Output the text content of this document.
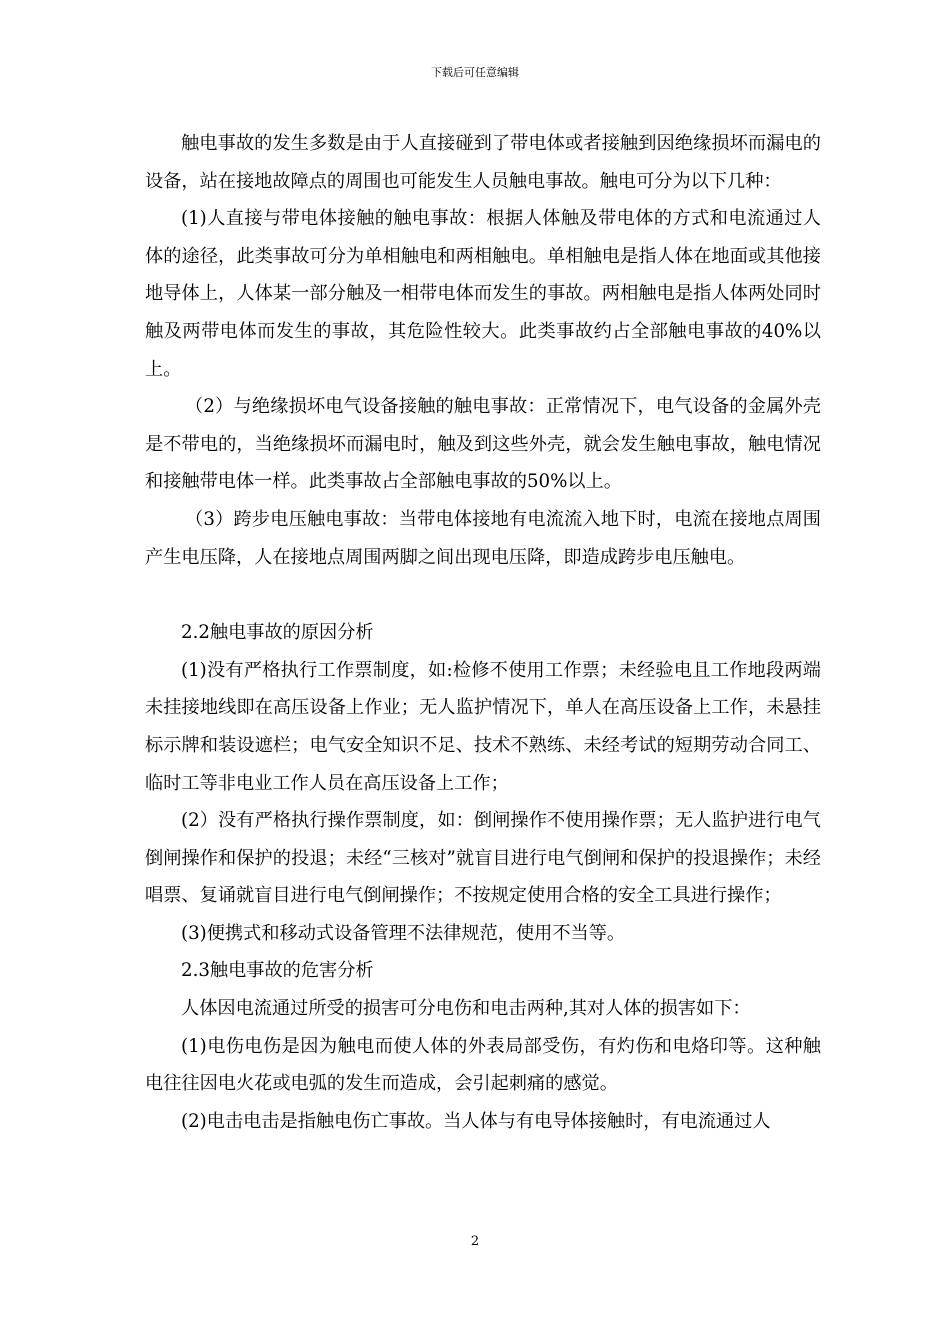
下载后可任意编辑

触电事故的发生多数是由于人直接碰到了带电体或者接触到因绝缘损坏而漏电的设备，站在接地故障点的周围也可能发生人员触电事故。触电可分为以下几种：

(1)人直接与带电体接触的触电事故：根据人体触及带电体的方式和电流通过人体的途径，此类事故可分为单相触电和两相触电。单相触电是指人体在地面或其他接地导体上，人体某一部分触及一相带电体而发生的事故。两相触电是指人体两处同时触及两带电体而发生的事故，其危险性较大。此类事故约占全部触电事故的40%以上。

（2）与绝缘损坏电气设备接触的触电事故：正常情况下，电气设备的金属外壳是不带电的，当绝缘损坏而漏电时，触及到这些外壳，就会发生触电事故，触电情况和接触带电体一样。此类事故占全部触电事故的50%以上。

（3）跨步电压触电事故：当带电体接地有电流流入地下时，电流在接地点周围产生电压降，人在接地点周围两脚之间出现电压降，即造成跨步电压触电。

2.2触电事故的原因分析

(1)没有严格执行工作票制度，如:检修不使用工作票；未经验电且工作地段两端未挂接地线即在高压设备上作业；无人监护情况下，单人在高压设备上工作，未悬挂标示牌和装设遮栏；电气安全知识不足、技术不熟练、未经考试的短期劳动合同工、临时工等非电业工作人员在高压设备上工作；

(2）没有严格执行操作票制度，如：倒闸操作不使用操作票；无人监护进行电气倒闸操作和保护的投退；未经“三核对”就盲目进行电气倒闸和保护的投退操作；未经唱票、复诵就盲目进行电气倒闸操作；不按规定使用合格的安全工具进行操作；

(3)便携式和移动式设备管理不法律规范，使用不当等。

2.3触电事故的危害分析

人体因电流通过所受的损害可分电伤和电击两种,其对人体的损害如下：

(1)电伤电伤是因为触电而使人体的外表局部受伤，有灼伤和电烙印等。这种触电往往因电火花或电弧的发生而造成，会引起刺痛的感觉。

(2)电击电击是指触电伤亡事故。当人体与有电导体接触时，有电流通过人

2
